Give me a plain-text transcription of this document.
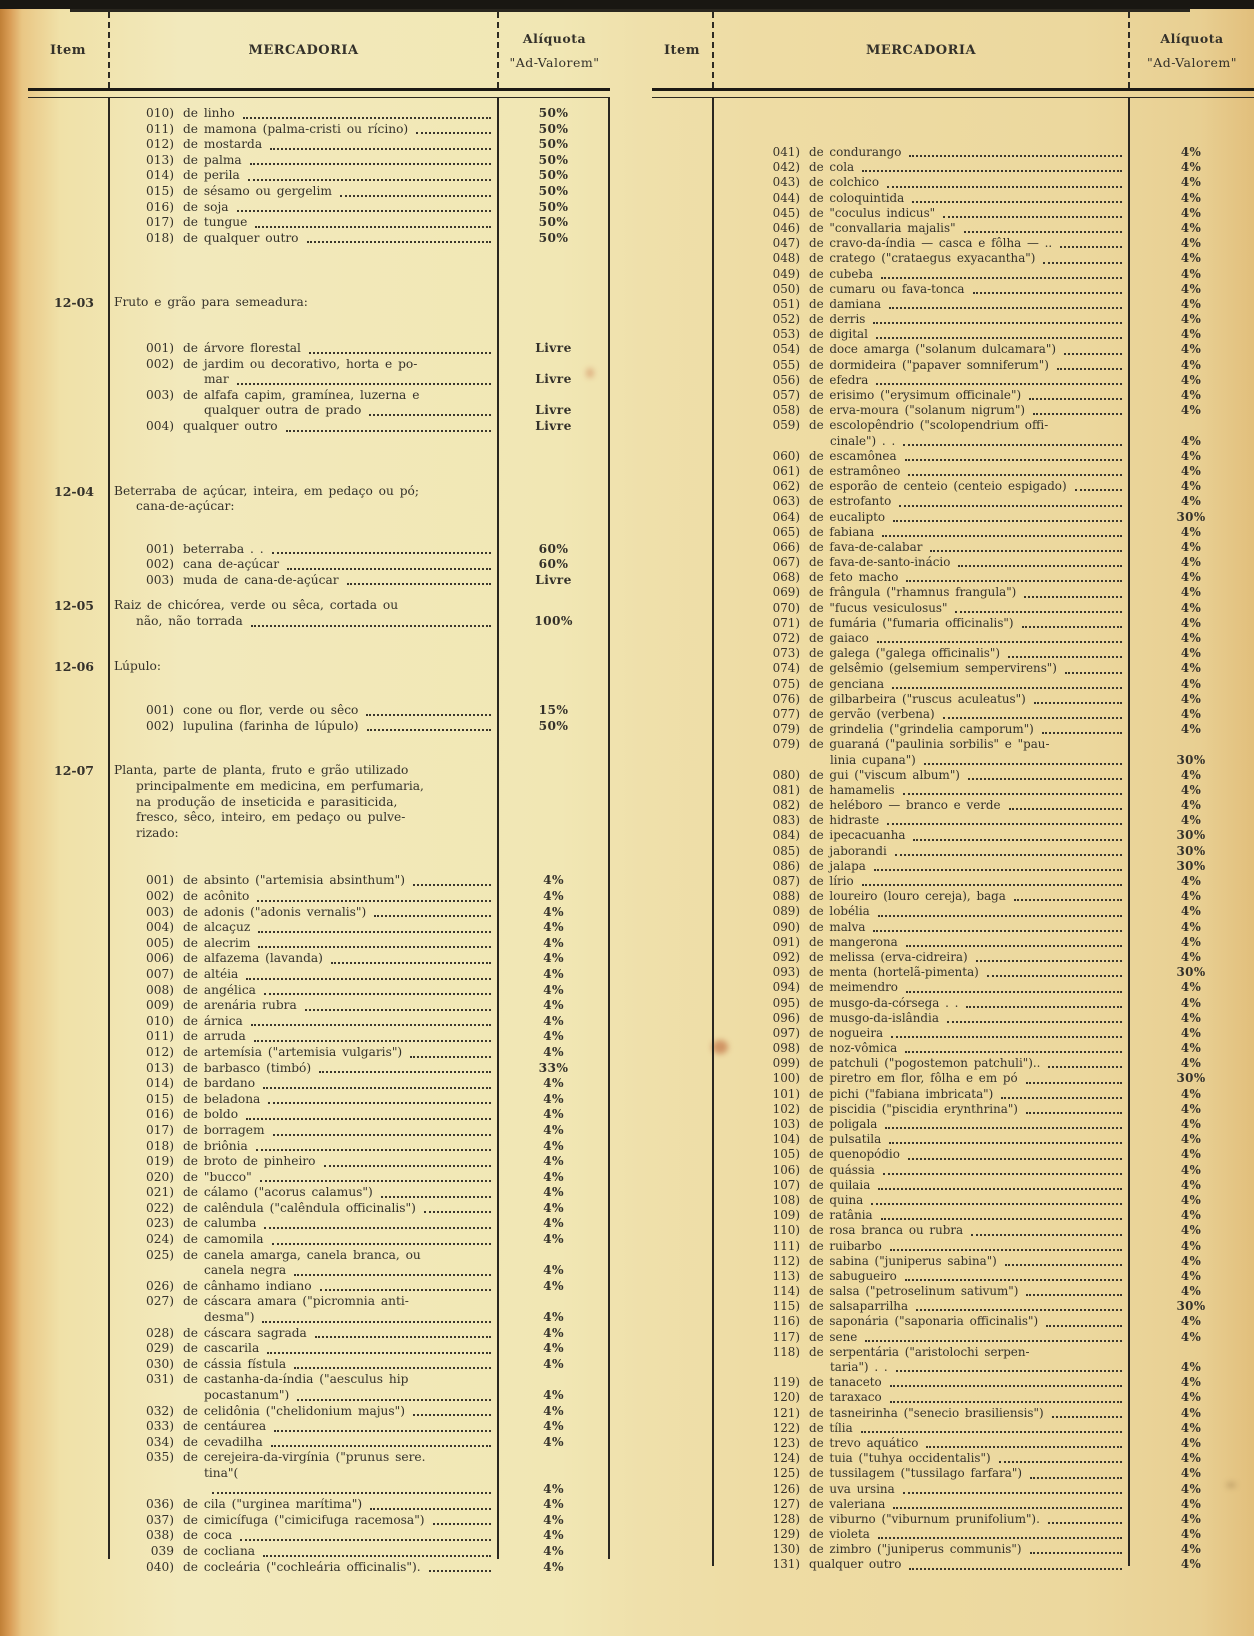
Item	MERCADORIA
Alíquota
"Ad-Valorem"
010) de linho	50%
011) de mamona (palma-cristi ou rícino)	50%
012) de mostarda	50%
013) de palma	50%
014) de perila	50%
015) de sésamo ou gergelim	50%
016) de soja	50%
017) de tungue	50%
018) de qualquer outro	50%
12-03	Fruto e grão para semeadura:
001) de árvore florestal	Livre
002) de jardim ou decorativo, horta e po-
mar	Livre
003) de alfafa capim, gramínea, luzerna e
qualquer outra de prado	Livre
004) qualquer outro	Livre
12-04	Beterraba de açúcar, inteira, em pedaço ou pó;
cana-de-açúcar:
001) beterraba . .	60%
002) cana de-açúcar	60%
003) muda de cana-de-açúcar	Livre
12-05	Raiz de chicórea, verde ou sêca, cortada ou
não, não torrada	100%
12-06	Lúpulo:
001) cone ou flor, verde ou sêco	15%
002) lupulina (farinha de lúpulo)	50%
12-07	Planta, parte de planta, fruto e grão utilizado
principalmente em medicina, em perfumaria,
na produção de inseticida e parasiticida,
fresco, sêco, inteiro, em pedaço ou pulve-
rizado:
001) de absinto ("artemisia absinthum")	4%
002) de acônito	4%
003) de adonis ("adonis vernalis")	4%
004) de alcaçuz	4%
005) de alecrim	4%
006) de alfazema (lavanda)	4%
007) de altéia	4%
008) de angélica	4%
009) de arenária rubra	4%
010) de árnica	4%
011) de arruda	4%
012) de artemísia ("artemisia vulgaris")	4%
013) de barbasco (timbó)	33%
014) de bardano	4%
015) de beladona	4%
016) de boldo	4%
017) de borragem	4%
018) de briônia	4%
019) de broto de pinheiro	4%
020) de "bucco"	4%
021) de cálamo ("acorus calamus")	4%
022) de calêndula ("calêndula officinalis")	4%
023) de calumba	4%
024) de camomila	4%
025) de canela amarga, canela branca, ou
canela negra	4%
026) de cânhamo indiano	4%
027) de cáscara amara ("picromnia anti-
desma")	4%
028) de cáscara sagrada	4%
029) de cascarila	4%
030) de cássia fístula	4%
031) de castanha-da-índia ("aesculus hip
pocastanum")	4%
032) de celidônia ("chelidonium majus")	4%
033) de centáurea	4%
034) de cevadilha	4%
035) de cerejeira-da-virgínia ("prunus sere.
tina"(
4%
036) de cila ("urginea marítima")	4%
037) de cimicífuga ("cimicifuga racemosa")	4%
038) de coca	4%
039 de cocliana	4%
040) de cocleária ("cochleária officinalis").	4%
Item	MERCADORIA
Alíquota
"Ad-Valorem"
041) de condurango	4%
042) de cola	4%
043) de colchico	4%
044) de coloquintida	4%
045) de "coculus indicus"	4%
046) de "convallaria majalis"	4%
047) de cravo-da-índia — casca e fôlha — ..	4%
048) de cratego ("crataegus exyacantha")	4%
049) de cubeba	4%
050) de cumaru ou fava-tonca	4%
051) de damiana	4%
052) de derris	4%
053) de digital	4%
054) de doce amarga ("solanum dulcamara")	4%
055) de dormideira ("papaver somniferum")	4%
056) de efedra	4%
057) de erisimo ("erysimum officinale")	4%
058) de erva-moura ("solanum nigrum")	4%
059) de escolopêndrio ("scolopendrium offi-
cinale") . .	4%
060) de escamônea	4%
061) de estramôneo	4%
062) de esporão de centeio (centeio espigado)	4%
063) de estrofanto	4%
064) de eucalipto	30%
065) de fabiana	4%
066) de fava-de-calabar	4%
067) de fava-de-santo-inácio	4%
068) de feto macho	4%
069) de frângula ("rhamnus frangula")	4%
070) de "fucus vesiculosus"	4%
071) de fumária ("fumaria officinalis")	4%
072) de gaiaco	4%
073) de galega ("galega officinalis")	4%
074) de gelsêmio (gelsemium sempervirens")	4%
075) de genciana	4%
076) de gilbarbeira ("ruscus aculeatus")	4%
077) de gervão (verbena)	4%
079) de grindelia ("grindelia camporum")	4%
079) de guaraná ("paulinia sorbilis" e "pau-
linia cupana")	30%
080) de gui ("viscum album")	4%
081) de hamamelis	4%
082) de heléboro — branco e verde	4%
083) de hidraste	4%
084) de ipecacuanha	30%
085) de jaborandi	30%
086) de jalapa	30%
087) de lírio	4%
088) de loureiro (louro cereja), baga	4%
089) de lobélia	4%
090) de malva	4%
091) de mangerona	4%
092) de melissa (erva-cidreira)	4%
093) de menta (hortelã-pimenta)	30%
094) de meimendro	4%
095) de musgo-da-córsega . .	4%
096) de musgo-da-islândia	4%
097) de nogueira	4%
098) de noz-vômica	4%
099) de patchuli ("pogostemon patchuli")..	4%
100) de piretro em flor, fôlha e em pó	30%
101) de pichi ("fabiana imbricata")	4%
102) de piscidia ("piscidia erynthrina")	4%
103) de poligala	4%
104) de pulsatila	4%
105) de quenopódio	4%
106) de quássia	4%
107) de quilaia	4%
108) de quina	4%
109) de ratânia	4%
110) de rosa branca ou rubra	4%
111) de ruibarbo	4%
112) de sabina ("juniperus sabina")	4%
113) de sabugueiro	4%
114) de salsa ("petroselinum sativum")	4%
115) de salsaparrilha	30%
116) de saponária ("saponaria officinalis")	4%
117) de sene	4%
118) de serpentária ("aristolochi serpen-
taria") . .	4%
119) de tanaceto	4%
120) de taraxaco	4%
121) de tasneirinha ("senecio brasiliensis")	4%
122) de tília	4%
123) de trevo aquático	4%
124) de tuia ("tuhya occidentalis")	4%
125) de tussilagem ("tussilago farfara")	4%
126) de uva ursina	4%
127) de valeriana	4%
128) de viburno ("viburnum prunifolium").	4%
129) de violeta	4%
130) de zimbro ("juniperus communis")	4%
131) qualquer outro	4%
